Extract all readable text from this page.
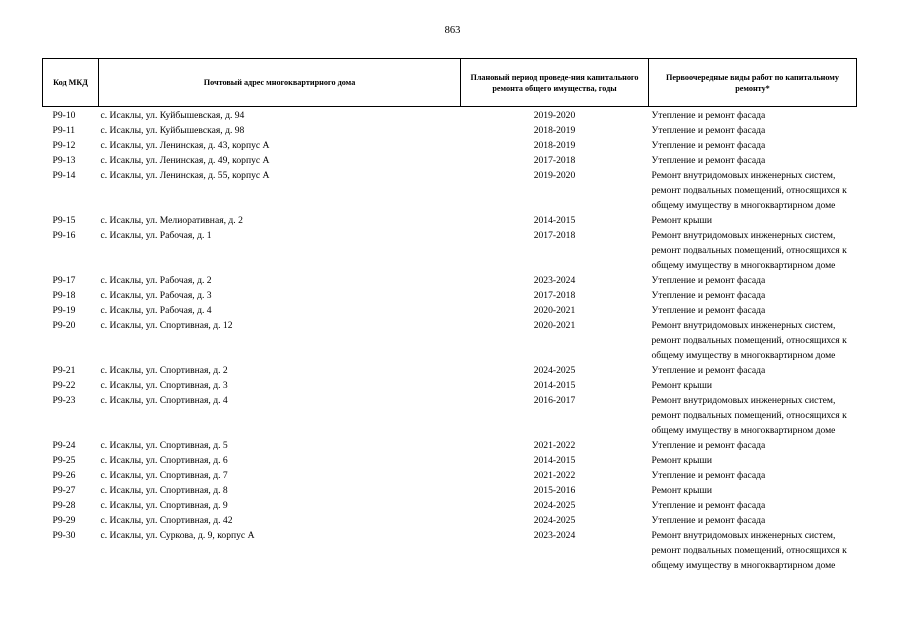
863
Код МКД	Почтовый адрес многоквартирного дома	Плановый период проведе-ния капитального ремонта общего имущества, годы	Первоочередные виды работ по капитальному ремонту*
Р9-10	с. Исаклы, ул. Куйбышевская, д. 94	2019-2020	Утепление и ремонт фасада
Р9-11	с. Исаклы, ул. Куйбышевская, д. 98	2018-2019	Утепление и ремонт фасада
Р9-12	с. Исаклы, ул. Ленинская, д. 43, корпус А	2018-2019	Утепление и ремонт фасада
Р9-13	с. Исаклы, ул. Ленинская, д. 49, корпус А	2017-2018	Утепление и ремонт фасада
Р9-14	с. Исаклы, ул. Ленинская, д. 55, корпус А	2019-2020	Ремонт внутридомовых инженерных систем, ремонт подвальных помещений, относящихся к общему имуществу в многоквартирном доме
Р9-15	с. Исаклы, ул. Мелиоративная, д. 2	2014-2015	Ремонт крыши
Р9-16	с. Исаклы, ул. Рабочая, д. 1	2017-2018	Ремонт внутридомовых инженерных систем, ремонт подвальных помещений, относящихся к общему имуществу в многоквартирном доме
Р9-17	с. Исаклы, ул. Рабочая, д. 2	2023-2024	Утепление и ремонт фасада
Р9-18	с. Исаклы, ул. Рабочая, д. 3	2017-2018	Утепление и ремонт фасада
Р9-19	с. Исаклы, ул. Рабочая, д. 4	2020-2021	Утепление и ремонт фасада
Р9-20	с. Исаклы, ул. Спортивная, д. 12	2020-2021	Ремонт внутридомовых инженерных систем, ремонт подвальных помещений, относящихся к общему имуществу в многоквартирном доме
Р9-21	с. Исаклы, ул. Спортивная, д. 2	2024-2025	Утепление и ремонт фасада
Р9-22	с. Исаклы, ул. Спортивная, д. 3	2014-2015	Ремонт крыши
Р9-23	с. Исаклы, ул. Спортивная, д. 4	2016-2017	Ремонт внутридомовых инженерных систем, ремонт подвальных помещений, относящихся к общему имуществу в многоквартирном доме
Р9-24	с. Исаклы, ул. Спортивная, д. 5	2021-2022	Утепление и ремонт фасада
Р9-25	с. Исаклы, ул. Спортивная, д. 6	2014-2015	Ремонт крыши
Р9-26	с. Исаклы, ул. Спортивная, д. 7	2021-2022	Утепление и ремонт фасада
Р9-27	с. Исаклы, ул. Спортивная, д. 8	2015-2016	Ремонт крыши
Р9-28	с. Исаклы, ул. Спортивная, д. 9	2024-2025	Утепление и ремонт фасада
Р9-29	с. Исаклы, ул. Спортивная, д. 42	2024-2025	Утепление и ремонт фасада
Р9-30	с. Исаклы, ул. Суркова, д. 9, корпус А	2023-2024	Ремонт внутридомовых инженерных систем, ремонт подвальных помещений, относящихся к общему имуществу в многоквартирном доме
